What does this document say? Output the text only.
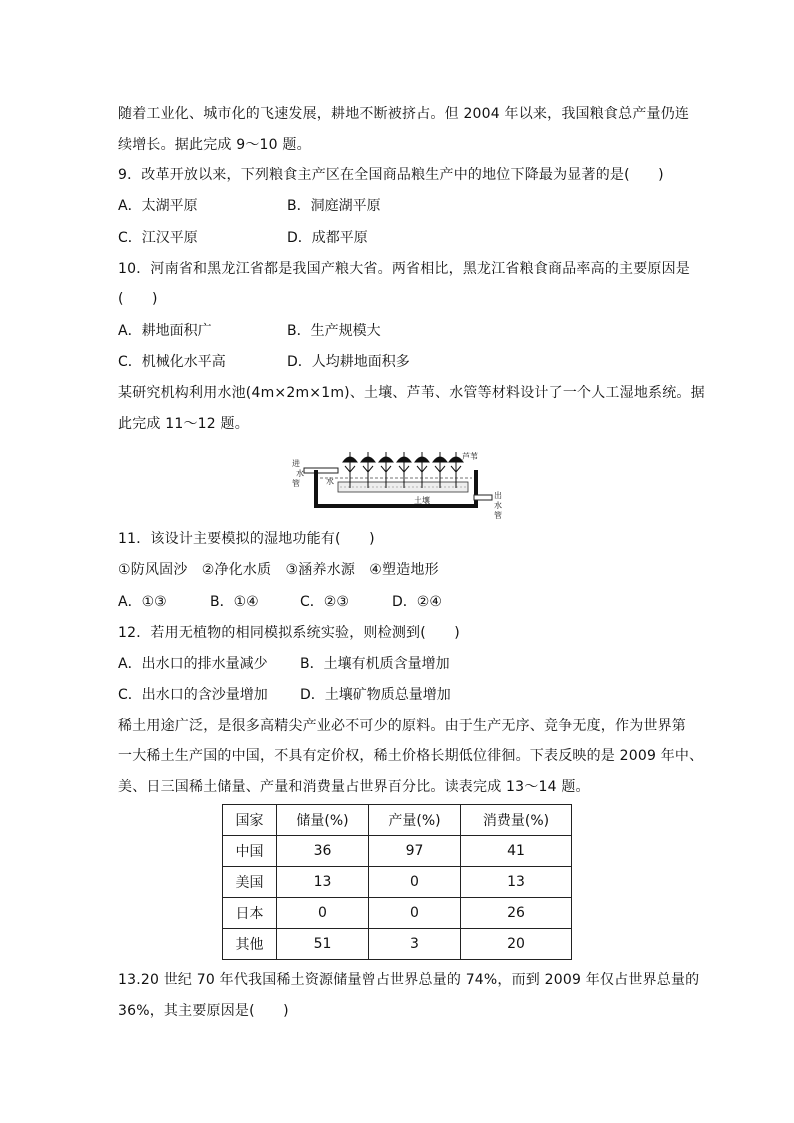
随着工业化、城市化的飞速发展，耕地不断被挤占。但 2004 年以来，我国粮食总产量仍连
续增长。据此完成 9～10 题。
9．改革开放以来，下列粮食主产区在全国商品粮生产中的地位下降最为显著的是(　　)
A．太湖平原	B．洞庭湖平原
C．江汉平原	D．成都平原
10．河南省和黑龙江省都是我国产粮大省。两省相比，黑龙江省粮食商品率高的主要原因是
(　　)
A．耕地面积广	B．生产规模大
C．机械化水平高	D．人均耕地面积多
某研究机构利用水池(4m×2m×1m)、土壤、芦苇、水管等材料设计了一个人工湿地系统。据
此完成 11～12 题。
进
水
管	水
土壤
芦苇
出
水
管
11．该设计主要模拟的湿地功能有(　　)
①防风固沙　②净化水质　③涵养水源　④塑造地形
A．①③	B．①④	C．②③	D．②④
12．若用无植物的相同模拟系统实验，则检测到(　　)
A．出水口的排水量减少 B．土壤有机质含量增加
C．出水口的含沙量增加 D．土壤矿物质总量增加
稀土用途广泛，是很多高精尖产业必不可少的原料。由于生产无序、竞争无度，作为世界第
一大稀土生产国的中国，不具有定价权，稀土价格长期低位徘徊。下表反映的是 2009 年中、
美、日三国稀土储量、产量和消费量占世界百分比。读表完成 13～14 题。
国家	储量(%)	产量(%)	消费量(%)
中国	36	97	41
美国	13	0	13
日本	0	0	26
其他	51	3	20
13.20 世纪 70 年代我国稀土资源储量曾占世界总量的 74%，而到 2009 年仅占世界总量的
36%，其主要原因是(　　)
